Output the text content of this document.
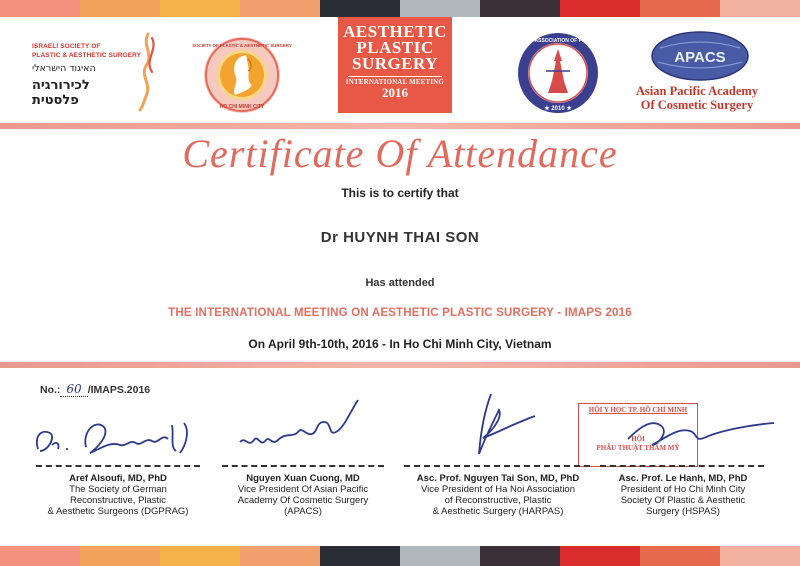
ISRAELI SOCIETY OF
PLASTIC & AESTHETIC SURGERY
האיגוד הישראלי
לכירורגיה פלסטית
SOCIETY OF PLASTIC & AESTHETIC SURGERY
HO CHI MINH CITY
AESTHETIC
PLASTIC
SURGERY
INTERNATIONAL MEETING
2016
HA NOI ASSOCIATION OF PLASTIC
★ 2010 ★
APACS
Asian Pacific Academy
Of Cosmetic Surgery
Certificate Of Attendance
This is to certify that
Dr HUYNH THAI SON
Has attended
THE INTERNATIONAL MEETING ON AESTHETIC PLASTIC SURGERY - IMAPS 2016
On April 9th-10th, 2016 - In Ho Chi Minh City, Vietnam
No.: 60 /IMAPS.2016
HỘI Y HỌC TP. HỒ CHÍ MINH
HỘI
PHẪU THUẬT THẨM MỸ
Aref Alsoufi, MD, PhD
The Society of German
Reconstructive, Plastic
& Aesthetic Surgeons (DGPRAG)
Nguyen Xuan Cuong, MD
Vice President Of Asian Pacific
Academy Of Cosmetic Surgery
(APACS)
Asc. Prof. Nguyen Tai Son, MD, PhD
Vice President of Ha Noi Association
of Reconstructive, Plastic
& Aesthetic Surgery (HARPAS)
Asc. Prof. Le Hanh, MD, PhD
President of Ho Chi Minh City
Society Of Plastic & Aesthetic
Surgery (HSPAS)
